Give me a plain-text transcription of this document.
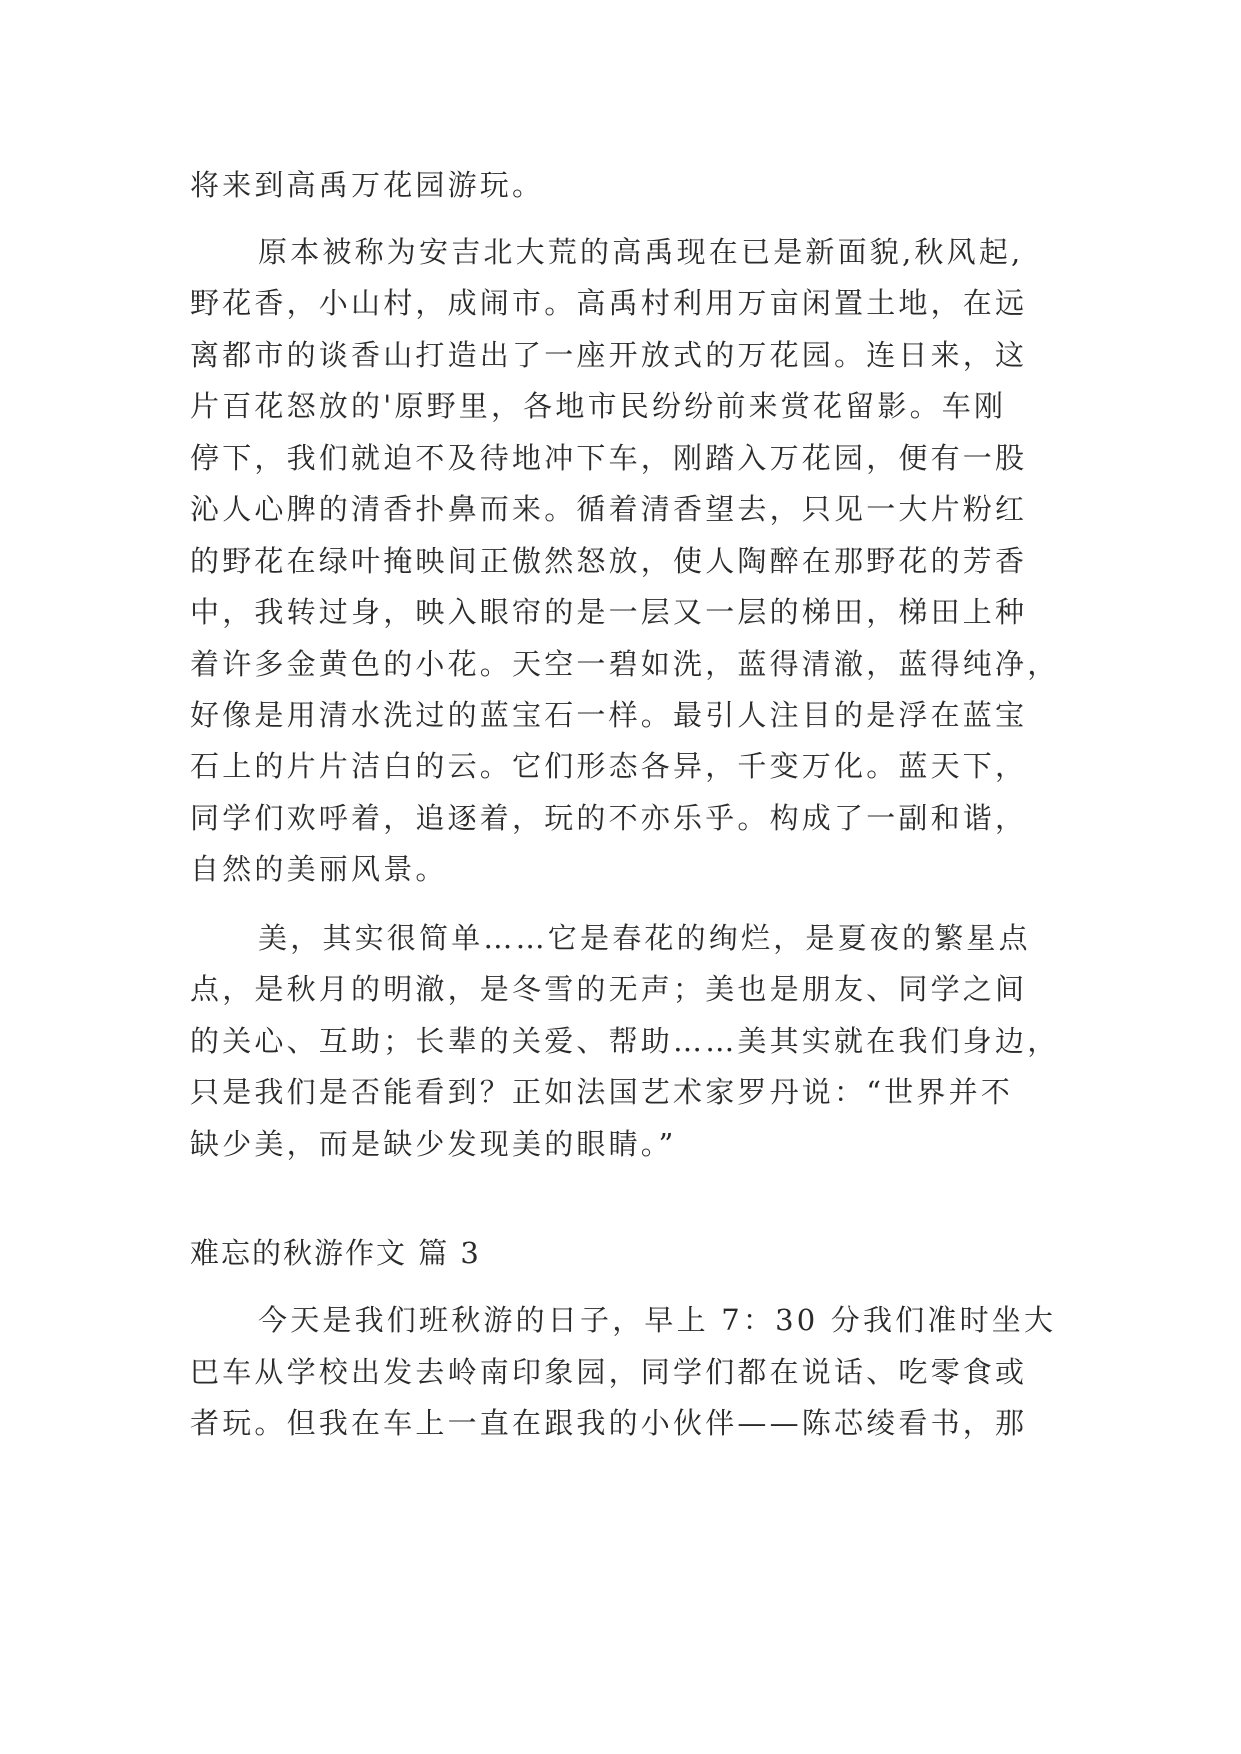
将来到高禹万花园游玩。
原本被称为安吉北大荒的高禹现在已是新面貌,秋风起,
野花香，小山村，成闹市。高禹村利用万亩闲置土地，在远
离都市的谈香山打造出了一座开放式的万花园。连日来，这
片百花怒放的'原野里，各地市民纷纷前来赏花留影。车刚
停下，我们就迫不及待地冲下车，刚踏入万花园，便有一股
沁人心脾的清香扑鼻而来。循着清香望去，只见一大片粉红
的野花在绿叶掩映间正傲然怒放，使人陶醉在那野花的芳香
中，我转过身，映入眼帘的是一层又一层的梯田，梯田上种
着许多金黄色的小花。天空一碧如洗，蓝得清澈，蓝得纯净，
好像是用清水洗过的蓝宝石一样。最引人注目的是浮在蓝宝
石上的片片洁白的云。它们形态各异，千变万化。蓝天下，
同学们欢呼着，追逐着，玩的不亦乐乎。构成了一副和谐，
自然的美丽风景。
美，其实很简单……它是春花的绚烂，是夏夜的繁星点
点，是秋月的明澈，是冬雪的无声；美也是朋友、同学之间
的关心、互助；长辈的关爱、帮助……美其实就在我们身边，
只是我们是否能看到？正如法国艺术家罗丹说：“世界并不
缺少美，而是缺少发现美的眼睛。”
难忘的秋游作文 篇 3
今天是我们班秋游的日子，早上 7：30 分我们准时坐大
巴车从学校出发去岭南印象园，同学们都在说话、吃零食或
者玩。但我在车上一直在跟我的小伙伴——陈芯绫看书，那
